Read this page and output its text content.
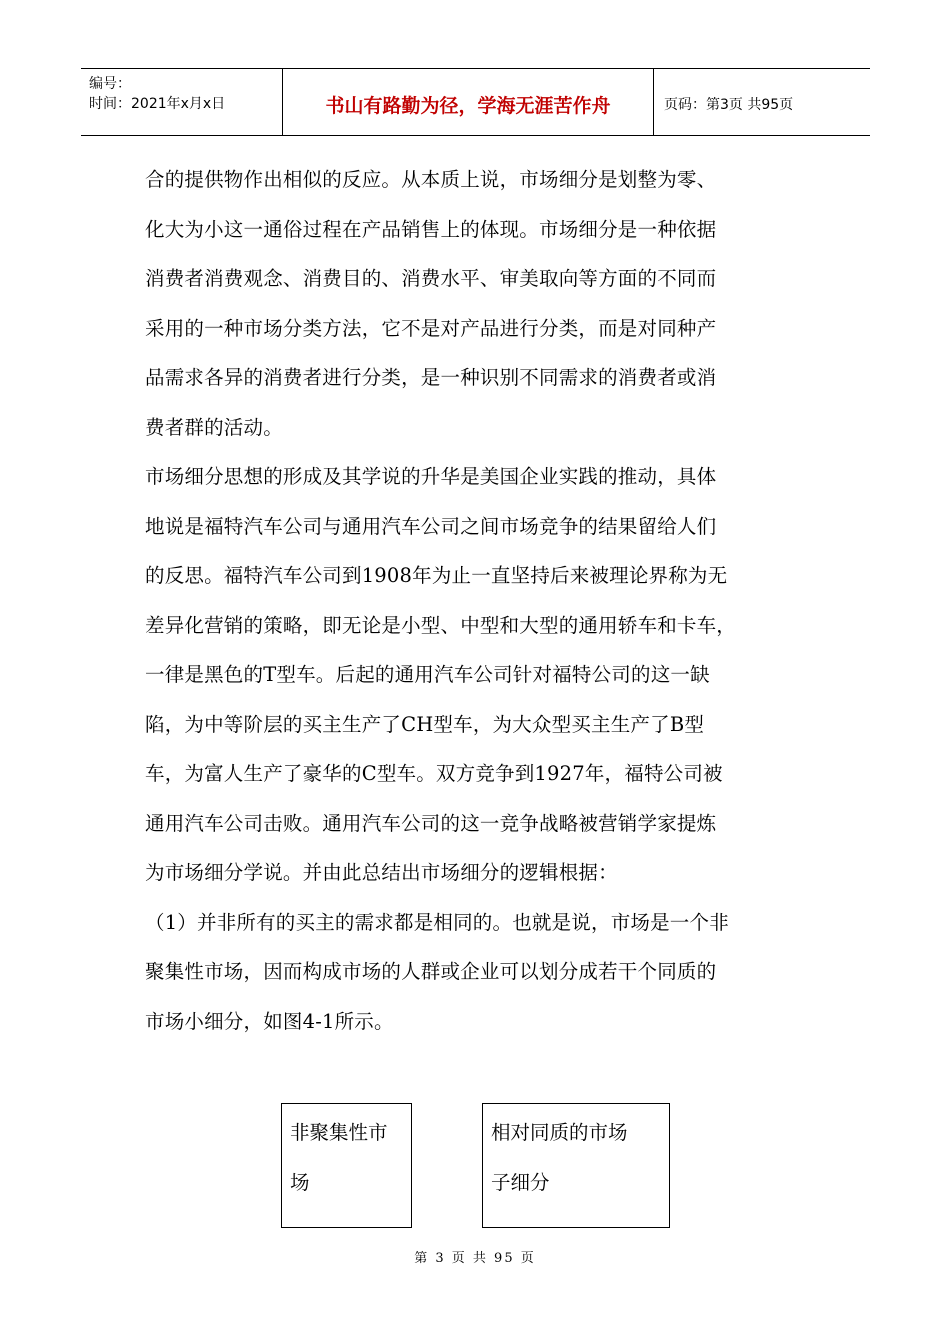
编号：
时间：2021年x月x日	书山有路勤为径，学海无涯苦作舟	页码：第3页 共95页
合的提供物作出相似的反应。从本质上说，市场细分是划整为零、
化大为小这一通俗过程在产品销售上的体现。市场细分是一种依据
消费者消费观念、消费目的、消费水平、审美取向等方面的不同而
采用的一种市场分类方法，它不是对产品进行分类，而是对同种产
品需求各异的消费者进行分类，是一种识别不同需求的消费者或消
费者群的活动。
市场细分思想的形成及其学说的升华是美国企业实践的推动，具体
地说是福特汽车公司与通用汽车公司之间市场竞争的结果留给人们
的反思。福特汽车公司到1908年为止一直坚持后来被理论界称为无
差异化营销的策略，即无论是小型、中型和大型的通用轿车和卡车，
一律是黑色的T型车。后起的通用汽车公司针对福特公司的这一缺
陷，为中等阶层的买主生产了CH型车，为大众型买主生产了B型
车，为富人生产了豪华的C型车。双方竞争到1927年，福特公司被
通用汽车公司击败。通用汽车公司的这一竞争战略被营销学家提炼
为市场细分学说。并由此总结出市场细分的逻辑根据：
（1）并非所有的买主的需求都是相同的。也就是说，市场是一个非
聚集性市场，因而构成市场的人群或企业可以划分成若干个同质的
市场小细分，如图4-1所示。
非聚集性市
场
相对同质的市场
子细分
第 3 页 共 95 页
